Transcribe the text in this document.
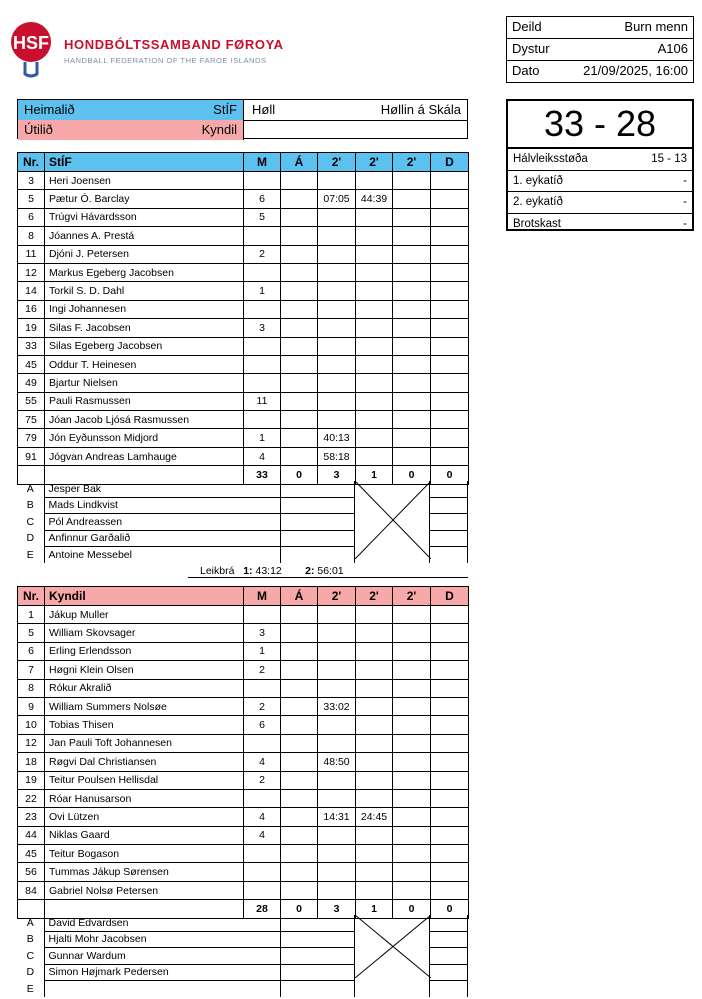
HSF HONDBÓLTSSAMBAND FØROYA
HANDBALL FEDERATION OF THE FAROE ISLANDS
Deild	Burn menn
Dystur	A106
Dato	21/09/2025, 16:00
33 - 28
Hálvleiksstøða	15 - 13
1. eykatíð	-
2. eykatíð	-
Brotskast	-
Heimalið	StÍF Høll	Høllin á Skála
Útilið	Kyndil
Nr.	StÍF	M	Á	2'	2'	2'	D
3	Heri Joensen						
5	Pætur Ó. Barclay	6		07:05	44:39		
6	Trúgvi Hávardsson	5					
8	Jóannes A. Prestá						
11	Djóni J. Petersen	2					
12	Markus Egeberg Jacobsen						
14	Torkil S. D. Dahl	1					
16	Ingi Johannesen						
19	Silas F. Jacobsen	3					
33	Silas Egeberg Jacobsen						
45	Oddur T. Heinesen						
49	Bjartur Nielsen						
55	Pauli Rasmussen	11					
75	Jóan Jacob Ljósá Rasmussen						
79	Jón Eyðunsson Midjord	1		40:13			
91	Jógvan Andreas Lamhauge	4		58:18			
		33	0	3	1	0	0
A	Jesper Bak			
B	Mads Lindkvist			
C	Pól Andreassen			
D	Anfinnur Garðalið			
E	Antoine Messebel			
Leikbrá 1: 43:12 2: 56:01
Nr.	Kyndil	M	Á	2'	2'	2'	D
1	Jákup Muller						
5	William Skovsager	3					
6	Erling Erlendsson	1					
7	Høgni Klein Olsen	2					
8	Rókur Akralið						
9	William Summers Nolsøe	2		33:02			
10	Tobias Thisen	6					
12	Jan Pauli Toft Johannesen						
18	Røgvi Dal Christiansen	4		48:50			
19	Teitur Poulsen Hellisdal	2					
22	Róar Hanusarson						
23	Ovi Lützen	4		14:31	24:45		
44	Niklas Gaard	4					
45	Teitur Bogason						
56	Tummas Jákup Sørensen						
84	Gabriel Nolsø Petersen						
		28	0	3	1	0	0
A	David Edvardsen			
B	Hjalti Mohr Jacobsen			
C	Gunnar Wardum			
D	Simon Højmark Pedersen			
E				
